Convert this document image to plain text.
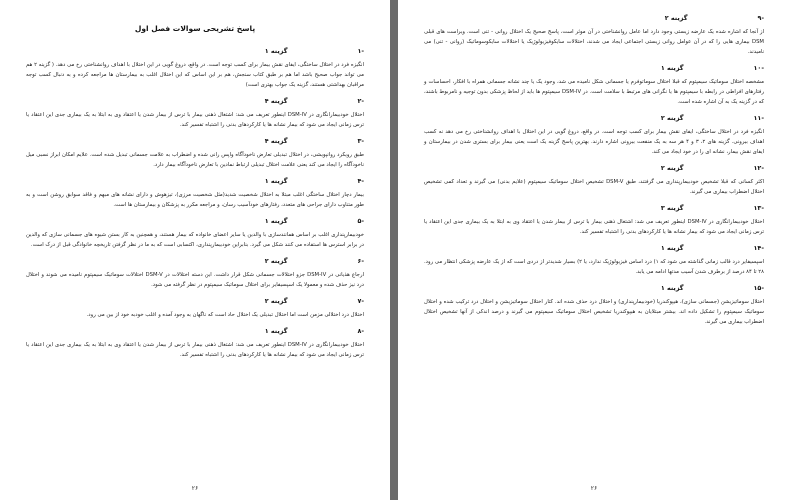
پاسخ تشریحی سوالات فصل اول
-۱گزینه ۱
انگیزه فرد در اختلال ساختگی، ایفای نقش بیمار برای کسب توجه است. در واقع، دروغ گویی در این اختلال با اهداف روانشناختی رخ می دهد. ( گزینه ۲ هم می تواند جواب صحیح باشد اما هم بر طبق کتاب سنجش، هم بر این اساس که این اختلال اغلب به بیمارستان ها مراجعه کرده و به دنبال کسب توجه مراقبان بهداشتی هستند، گزینه یک جواب بهتری است)
-۲گزینه ۴
اختلال خودبیمارانگاری در DSM-IV اینطور تعریف می شد: اشتغال ذهنی بیمار با ترس از بیمار شدن یا اعتقاد وی به ابتلا به یک بیماری جدی این اعتقاد یا ترس زمانی ایجاد می شود که بیمار نشانه ها یا کارکردهای بدنی را اشتباه تفسیر کند.
-۳گزینه ۴
طبق رویکرد روانپویشی، در اختلال تبدیلی تعارض ناخودآگاه واپس رانی شده و اضطراب به علامت جسمانی تبدیل شده است. علایم امکان ابراز نسبی میل ناخودآگاه را ایجاد می کند یعنی علامت اختلال تبدیلی ارتباط نمادین با تعارض ناخودآگاه بیمار دارد.
-۴گزینه ۱
بیمار دچار اختلال ساختگی اغلب مبتلا به اختلال شخصیت شدید(مثل شخصیت مرزی)، تیزهوش و دارای نشانه های مبهم و فاقد سوابق روشن است و به طور متناوب دارای جراحی های متعدد، رفتارهای خودآسیب رسان، و مراجعه مکرر به پزشکان و بیمارستان ها است.
-۵گزینه ۱
خودبیمارپنداری اغلب بر اساس همانندسازی با والدین یا سایر اعضای خانواده که بیمار هستند، و همچنین به کار بستن شیوه های جسمانی سازی که والدین در برابر استرس ها استفاده می کنند شکل می گیرد. بنابراین خودبیمارپنداری، اکتسابی است که به ما در نظر گرفتن تاریخچه خانوادگی قبل از درک است.
-۶گزینه ۲
ارجاع هذیانی در DSM-IV جزو اختلالات جسمانی شکل قرار داشت. این دسته اختلالات در DSM-V اختلالات سوماتیک سیمپتوم نامیده می شوند و اختلال درد نیز حذف شده و معمولا یک اسپسیفایر برای اختلال سوماتیک سیمپتوم در نظر گرفته می شود.
-۷گزینه ۲
اختلال درد اختلالی مزمن است اما اختلال تبدیلی یک اختلال حاد است که ناگهان به وجود آمده و اغلب خودبه خود از بین می رود.
-۸گزینه ۱
اختلال خودبیمارانگاری در DSM-IV اینطور تعریف می شد: اشتغال ذهنی بیمار با ترس از بیمار شدن یا اعتقاد وی به ابتلا به یک بیماری جدی این اعتقاد یا ترس زمانی ایجاد می شود که بیمار نشانه ها یا کارکردهای بدنی را اشتباه تفسیر کند.
۲۶
-۹گزینه ۲
از آنجا که اشاره شده یک عارضه زیستی وجود دارد اما عامل روانشناختی در آن موثر است، پاسخ صحیح یک اختلال روانی - تنی است. ویراست های قبلی DSM بیماری هایی را که در آن عوامل روانی زیستی اجتماعی ایجاد می شدند، اختلالات سایکوفیزیولوژیک یا اختلالات سایکوسوماتیک (روانی - تنی) می نامیدند.
-۱۰گزینه ۱
مشخصه اختلال سوماتیک سیمپتوم که قبلا اختلال سوماتوفرم یا جسمانی شکل نامیده می شد، وجود یک یا چند نشانه جسمانی همراه با افکار، احساسات و رفتارهای افراطی در رابطه با سیمپتوم ها یا نگرانی های مرتبط با سلامت است. در DSM-IV سیمپتوم ها باید از لحاظ پزشکی بدون توجیه و نامربوط باشند، که در گزینه یک به آن اشاره شده است.
-۱۱گزینه ۲
انگیزه فرد در اختلال ساختگی، ایفای نقش بیمار برای کسب توجه است. در واقع، دروغ گویی در این اختلال با اهداف روانشناختی رخ می دهد نه کسب اهداف بیرونی. گزینه های ۲، ۳ و ۴ هر سه به یک منفعت بیرونی اشاره دارند. بهترین پاسخ گزینه یک است یعنی بیمار برای بستری شدن در بیمارستان و ایفای نقش بیمار، نشانه ای را در خود ایجاد می کند.
-۱۲گزینه ۲
اکثر کسانی که قبلا تشخیص خودبیمارپنداری می گرفتند، طبق DSM-V تشخیص اختلال سوماتیک سیمپتوم (علایم بدنی) می گیرند و تعداد کمی تشخیص اختلال اضطراب بیماری می گیرند.
-۱۳گزینه ۳
اختلال خودبیمارانگاری در DSM-IV اینطور تعریف می شد: اشتغال ذهنی بیمار با ترس از بیمار شدن یا اعتقاد وی به ابتلا به یک بیماری جدی این اعتقاد یا ترس زمانی ایجاد می شود که بیمار نشانه ها یا کارکردهای بدنی را اشتباه تفسیر کند.
-۱۴گزینه ۱
اسپسیفایر درد قالب زمانی گذاشته می شود که ۱) درد اساس فیزیولوژیک ندارد، یا ۲) بسیار شدیدتر از دردی است که از یک عارضه پزشکی انتظار می رود. ۲۸ تا ۸۴ درصد از برطرف شدن آسیب مدتها ادامه می یابد.
-۱۵گزینه ۱
اختلال سوماتیزیشن (جسمانی سازی)، هیپوکندریا (خودبیمارپنداری) و اختلال درد حذف شده اند. کتار اختلال سوماتیزیشن و اختلال درد ترکیب شده و اختلال سوماتیک سیمپتوم را تشکیل داده اند. بیشتر مبتلایان به هیپوکندریا تشخیص اختلال سوماتیک سیمپتوم می گیرند و درصد اندکی از آنها تشخیص اختلال اضطراب بیماری می گیرند.
۲۶
